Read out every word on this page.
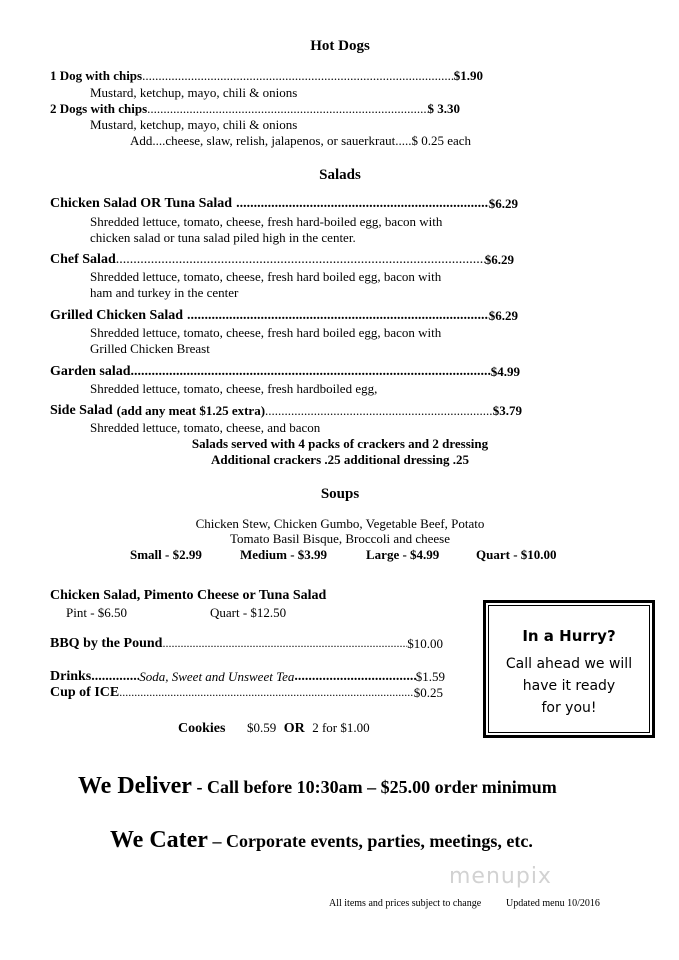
Hot Dogs
1 Dog with chips .....	$1.90
Mustard, ketchup, mayo, chili & onions
2 Dogs with chips .....	$ 3.30
Mustard, ketchup, mayo, chili & onions
Add....cheese, slaw, relish, jalapenos, or sauerkraut.....$ 0.25 each
Salads
Chicken Salad OR Tuna Salad .....	$6.29
Shredded lettuce, tomato, cheese, fresh hard-boiled egg, bacon with
chicken salad or tuna salad piled high in the center.
Chef Salad .....	$6.29
Shredded lettuce, tomato, cheese, fresh hard boiled egg, bacon with
ham and turkey in the center
Grilled Chicken Salad .....	$6.29
Shredded lettuce, tomato, cheese, fresh hard boiled egg, bacon with
Grilled Chicken Breast
Garden salad .....	$4.99
Shredded lettuce, tomato, cheese, fresh hardboiled egg,
Side Salad (add any meat $1.25 extra) .....	$3.79
Shredded lettuce, tomato, cheese, and bacon
Salads served with 4 packs of crackers and 2 dressing
Additional crackers .25 additional dressing .25
Soups
Chicken Stew, Chicken Gumbo, Vegetable Beef, Potato
Tomato Basil Bisque, Broccoli and cheese
Small - $2.99	Medium - $3.99	Large - $4.99	Quart - $10.00
Chicken Salad, Pimento Cheese or Tuna Salad
Pint - $6.50	Quart - $12.50
BBQ by the Pound .....	$10.00
Drinks .....	Soda, Sweet and Unsweet Tea .....	$1.59
Cup of ICE .....	$0.25
Cookies $0.59 OR 2 for $1.00
In a Hurry?
Call ahead we will
have it ready
for you!
We Deliver - Call before 10:30am – $25.00 order minimum
We Cater – Corporate events, parties, meetings, etc.
menupix
All items and prices subject to change Updated menu 10/2016
